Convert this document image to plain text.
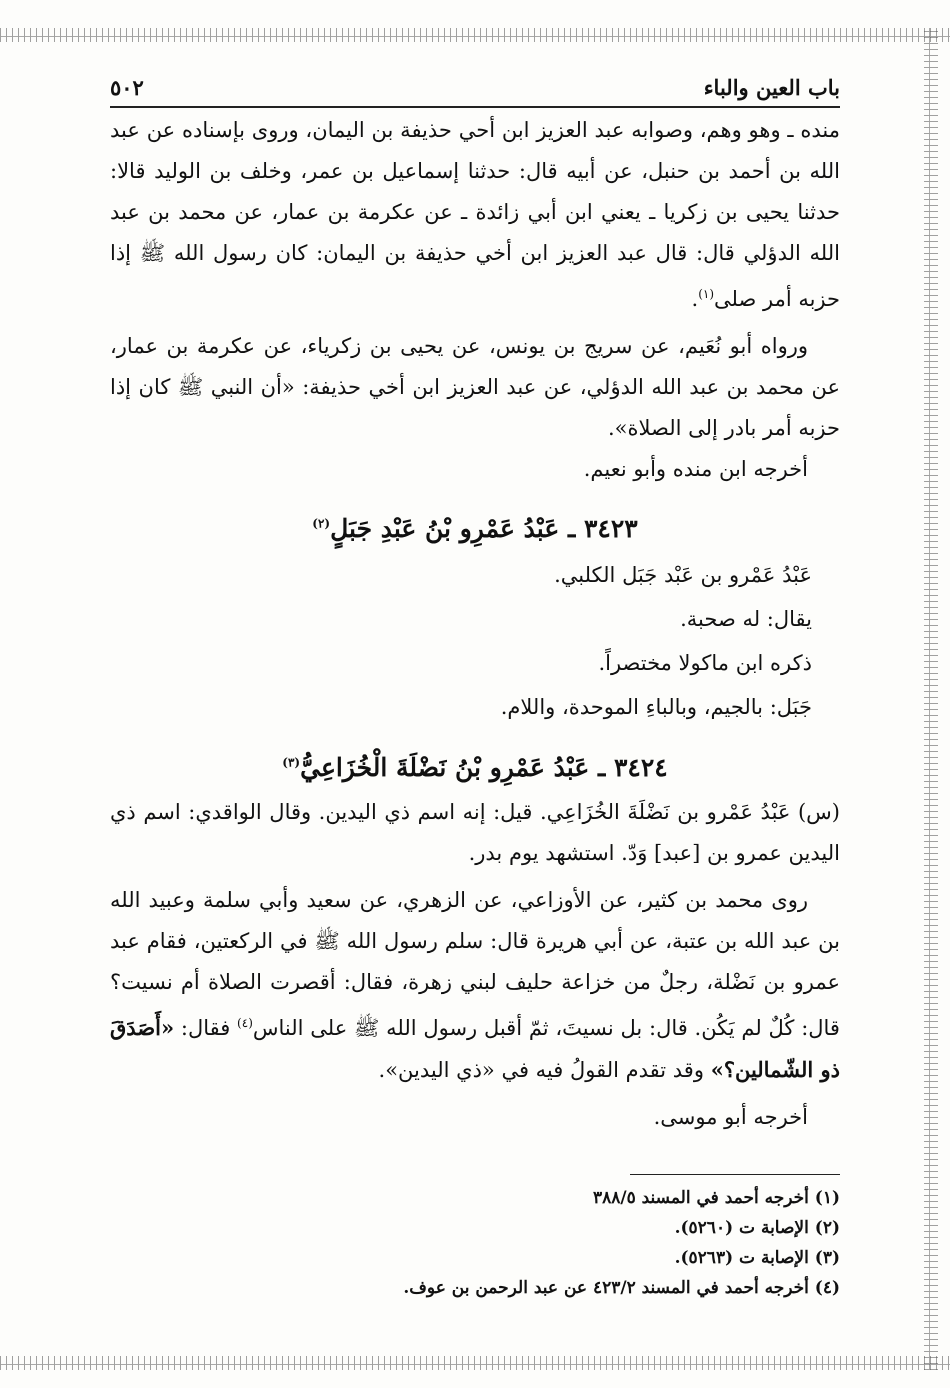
باب العين والباء
٥٠٢

منده ـ وهو وهم، وصوابه عبد العزيز ابن أحي حذيفة بن اليمان، وروى بإسناده عن عبد الله بن أحمد بن حنبل، عن أبيه قال: حدثنا إسماعيل بن عمر، وخلف بن الوليد قالا: حدثنا يحيى بن زكريا ـ يعني ابن أبي زائدة ـ عن عكرمة بن عمار، عن محمد بن عبد الله الدؤلي قال: قال عبد العزيز ابن أخي حذيفة بن اليمان: كان رسول الله ﷺ إذا حزبه أمر صلى$^{(١)}$.

ورواه أبو نُعَيم، عن سريج بن يونس، عن يحيى بن زكرياء، عن عكرمة بن عمار، عن محمد بن عبد الله الدؤلي، عن عبد العزيز ابن أخي حذيفة: «أن النبي ﷺ كان إذا حزبه أمر بادر إلى الصلاة».

أخرجه ابن منده وأبو نعيم.

٣٤٢٣ ـ عَبْدُ عَمْرِو بْنُ عَبْدِ جَبَلٍ$^{(٢)}$
عَبْدُ عَمْرو بن عَبْد جَبَل الكلبي.
يقال: له صحبة.
ذكره ابن ماكولا مختصراً.
جَبَل: بالجيم، وبالباءِ الموحدة، واللام.
٣٤٢٤ ـ عَبْدُ عَمْرِو بْنُ نَضْلَةَ الْخُزَاعِيُّ$^{(٣)}$

(س) عَبْدُ عَمْرو بن نَضْلَةَ الخُزَاعِي. قيل: إنه اسم ذي اليدين. وقال الواقدي: اسم ذي اليدين عمرو بن [عبد] وَدّ. استشهد يوم بدر.

روى محمد بن كثير، عن الأوزاعي، عن الزهري، عن سعيد وأبي سلمة وعبيد الله بن عبد الله بن عتبة، عن أبي هريرة قال: سلم رسول الله ﷺ في الركعتين، فقام عبد عمرو بن نَضْلة، رجلٌ من خزاعة حليف لبني زهرة، فقال: أقصرت الصلاة أم نسيت؟ قال: كُلٌ لم يَكُن. قال: بل نسيتَ، ثمّ أقبل رسول الله ﷺ على الناس$^{(٤)}$ فقال: «أَصَدَقَ ذو الشّمالين؟» وقد تقدم القولُ فيه في «ذي اليدين».

أخرجه أبو موسى.

(١) أخرجه أحمد في المسند ٣٨٨/٥
(٢) الإصابة ت (٥٢٦٠).
(٣) الإصابة ت (٥٢٦٣).
(٤) أخرجه أحمد في المسند ٤٢٣/٢ عن عبد الرحمن بن عوف.
